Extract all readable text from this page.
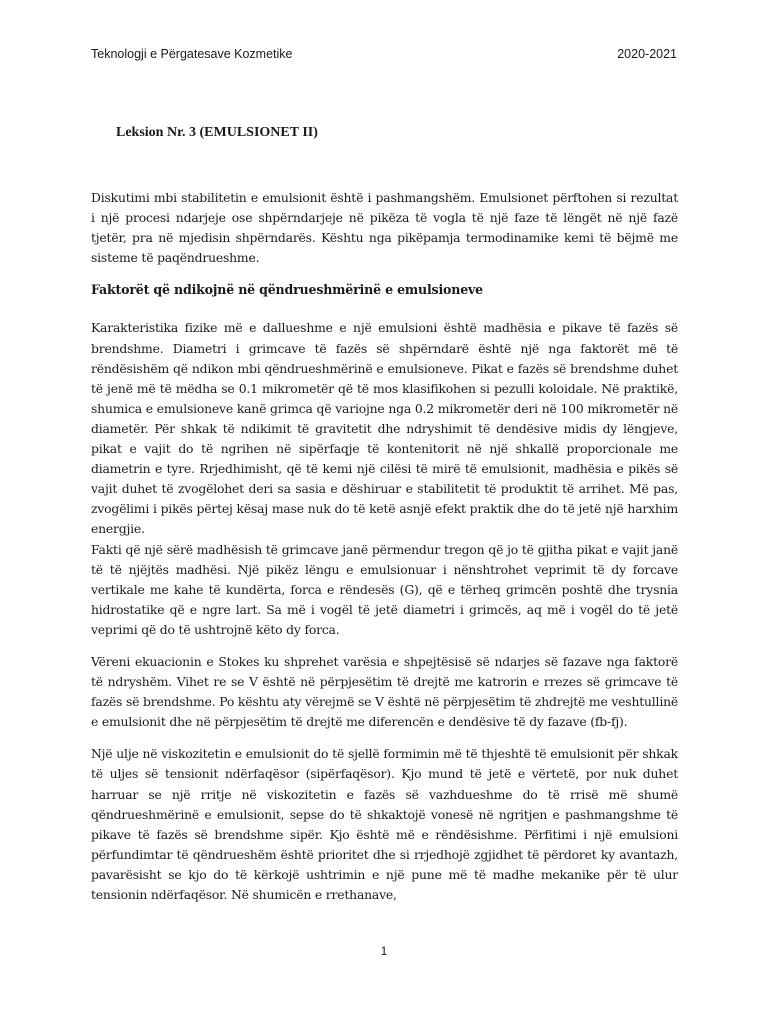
Teknologji e Përgatesave Kozmetike	2020-2021
Leksion Nr. 3 (EMULSIONET II)

Diskutimi mbi stabilitetin e emulsionit është i pashmangshëm. Emulsionet përftohen si rezultat i një procesi ndarjeje ose shpërndarjeje në pikëza të vogla të një faze të lëngët në një fazë tjetër, pra në mjedisin shpërndarës. Kështu nga pikëpamja termodinamike kemi të bëjmë me sisteme të paqëndrueshme.

Faktorët që ndikojnë në qëndrueshmërinë e emulsioneve

Karakteristika fizike më e dallueshme e një emulsioni është madhësia e pikave të fazës së brendshme. Diametri i grimcave të fazës së shpërndarë është një nga faktorët më të rëndësishëm që ndikon mbi qëndrueshmërinë e emulsioneve. Pikat e fazës së brendshme duhet të jenë më të mëdha se 0.1 mikrometër që të mos klasifikohen si pezulli koloidale. Në praktikë, shumica e emulsioneve kanë grimca që variojne nga 0.2 mikrometër deri në 100 mikrometër në diametër. Për shkak të ndikimit të gravitetit dhe ndryshimit të dendësive midis dy lëngjeve, pikat e vajit do të ngrihen në sipërfaqje të kontenitorit në një shkallë proporcionale me diametrin e tyre. Rrjedhimisht, që të kemi një cilësi të mirë të emulsionit, madhësia e pikës së vajit duhet të zvogëlohet deri sa sasia e dëshiruar e stabilitetit të produktit të arrihet. Më pas, zvogëlimi i pikës përtej kësaj mase nuk do të ketë asnjë efekt praktik dhe do të jetë një harxhim energjie.

Fakti që një sërë madhësish të grimcave janë përmendur tregon që jo të gjitha pikat e vajit janë të të njëjtës madhësi. Një pikëz lëngu e emulsionuar i nënshtrohet veprimit të dy forcave vertikale me kahe të kundërta, forca e rëndesës (G), që e tërheq grimcën poshtë dhe trysnia hidrostatike që e ngre lart. Sa më i vogël të jetë diametri i grimcës, aq më i vogël do të jetë veprimi që do të ushtrojnë këto dy forca.

Vëreni ekuacionin e Stokes ku shprehet varësia e shpejtësisë së ndarjes së fazave nga faktorë të ndryshëm. Vihet re se V është në përpjesëtim të drejtë me katrorin e rrezes së grimcave të fazës së brendshme. Po kështu aty vërejmë se V është në përpjesëtim të zhdrejtë me veshtullinë e emulsionit dhe në përpjesëtim të drejtë me diferencën e dendësive të dy fazave (fb-fj).

Një ulje në viskozitetin e emulsionit do të sjellë formimin më të thjeshtë të emulsionit për shkak të uljes së tensionit ndërfaqësor (sipërfaqësor). Kjo mund të jetë e vërtetë, por nuk duhet harruar se një rritje në viskozitetin e fazës së vazhdueshme do të rrisë më shumë qëndrueshmërinë e emulsionit, sepse do të shkaktojë vonesë në ngritjen e pashmangshme të pikave të fazës së brendshme sipër. Kjo është më e rëndësishme. Përfitimi i një emulsioni përfundimtar të qëndrueshëm është prioritet dhe si rrjedhojë zgjidhet të përdoret ky avantazh, pavarësisht se kjo do të kërkojë ushtrimin e një pune më të madhe mekanike për të ulur tensionin ndërfaqësor. Në shumicën e rrethanave,

1
